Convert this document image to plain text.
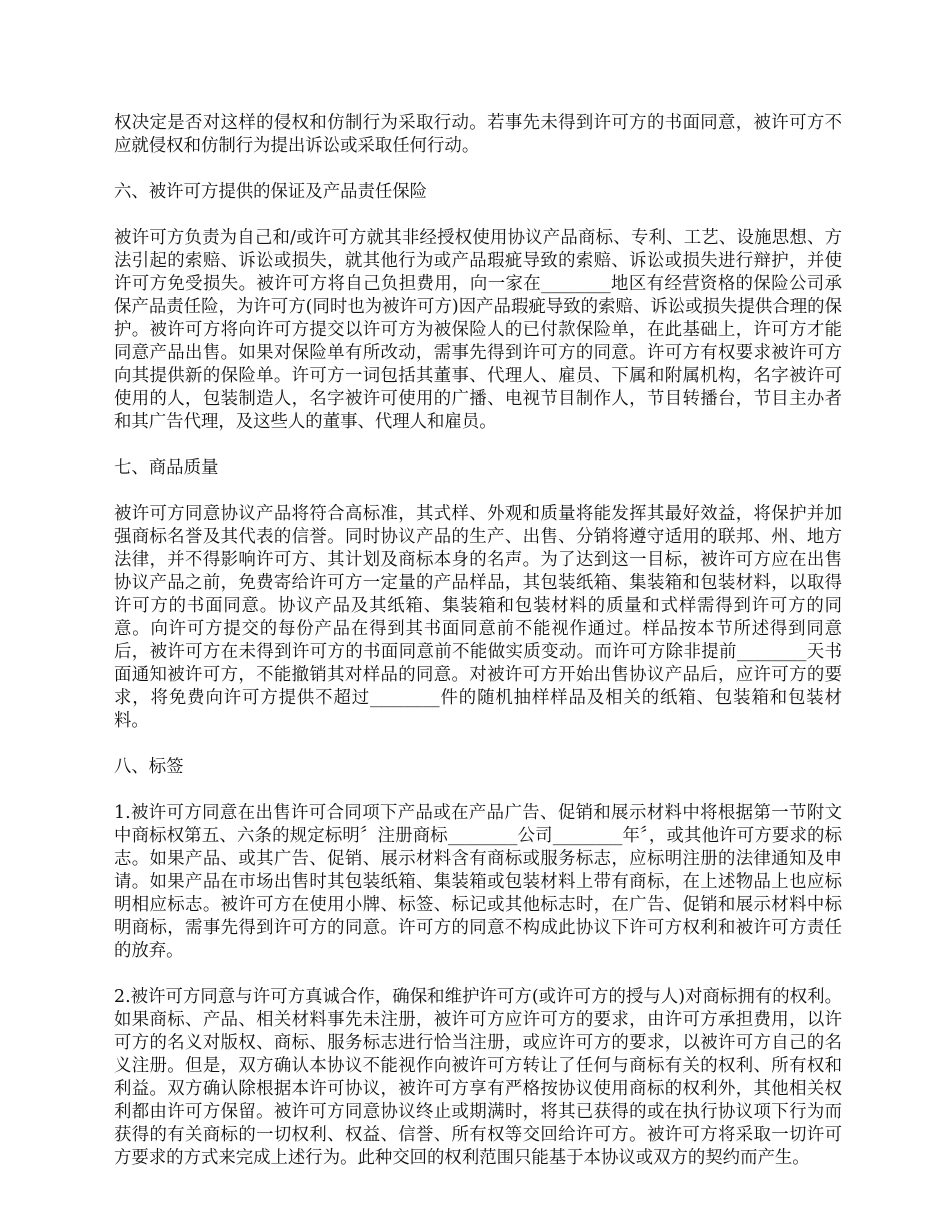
权决定是否对这样的侵权和仿制行为采取行动。若事先未得到许可方的书面同意，被许可方不应就侵权和仿制行为提出诉讼或采取任何行动。

六、被许可方提供的保证及产品责任保险

被许可方负责为自己和/或许可方就其非经授权使用协议产品商标、专利、工艺、设施思想、方法引起的索赔、诉讼或损失，就其他行为或产品瑕疵导致的索赔、诉讼或损失进行辩护，并使许可方免受损失。被许可方将自己负担费用，向一家在________地区有经营资格的保险公司承保产品责任险，为许可方(同时也为被许可方)因产品瑕疵导致的索赔、诉讼或损失提供合理的保护。被许可方将向许可方提交以许可方为被保险人的已付款保险单，在此基础上，许可方才能同意产品出售。如果对保险单有所改动，需事先得到许可方的同意。许可方有权要求被许可方向其提供新的保险单。许可方一词包括其董事、代理人、雇员、下属和附属机构，名字被许可使用的人，包装制造人，名字被许可使用的广播、电视节目制作人，节目转播台，节目主办者和其广告代理，及这些人的董事、代理人和雇员。

七、商品质量

被许可方同意协议产品将符合高标准，其式样、外观和质量将能发挥其最好效益，将保护并加强商标名誉及其代表的信誉。同时协议产品的生产、出售、分销将遵守适用的联邦、州、地方法律，并不得影响许可方、其计划及商标本身的名声。为了达到这一目标，被许可方应在出售协议产品之前，免费寄给许可方一定量的产品样品，其包装纸箱、集装箱和包装材料，以取得许可方的书面同意。协议产品及其纸箱、集装箱和包装材料的质量和式样需得到许可方的同意。向许可方提交的每份产品在得到其书面同意前不能视作通过。样品按本节所述得到同意后，被许可方在未得到许可方的书面同意前不能做实质变动。而许可方除非提前________天书面通知被许可方，不能撤销其对样品的同意。对被许可方开始出售协议产品后，应许可方的要求，将免费向许可方提供不超过________件的随机抽样样品及相关的纸箱、包装箱和包装材料。

八、标签

1.被许可方同意在出售许可合同项下产品或在产品广告、促销和展示材料中将根据第一节附文中商标权第五、六条的规定标明〞注册商标________公司________年〞，或其他许可方要求的标志。如果产品、或其广告、促销、展示材料含有商标或服务标志，应标明注册的法律通知及申请。如果产品在市场出售时其包装纸箱、集装箱或包装材料上带有商标，在上述物品上也应标明相应标志。被许可方在使用小牌、标签、标记或其他标志时，在广告、促销和展示材料中标明商标，需事先得到许可方的同意。许可方的同意不构成此协议下许可方权利和被许可方责任的放弃。

2.被许可方同意与许可方真诚合作，确保和维护许可方(或许可方的授与人)对商标拥有的权利。如果商标、产品、相关材料事先未注册，被许可方应许可方的要求，由许可方承担费用，以许可方的名义对版权、商标、服务标志进行恰当注册，或应许可方的要求，以被许可方自己的名义注册。但是，双方确认本协议不能视作向被许可方转让了任何与商标有关的权利、所有权和利益。双方确认除根据本许可协议，被许可方享有严格按协议使用商标的权利外，其他相关权利都由许可方保留。被许可方同意协议终止或期满时，将其已获得的或在执行协议项下行为而获得的有关商标的一切权利、权益、信誉、所有权等交回给许可方。被许可方将采取一切许可方要求的方式来完成上述行为。此种交回的权利范围只能基于本协议或双方的契约而产生。
